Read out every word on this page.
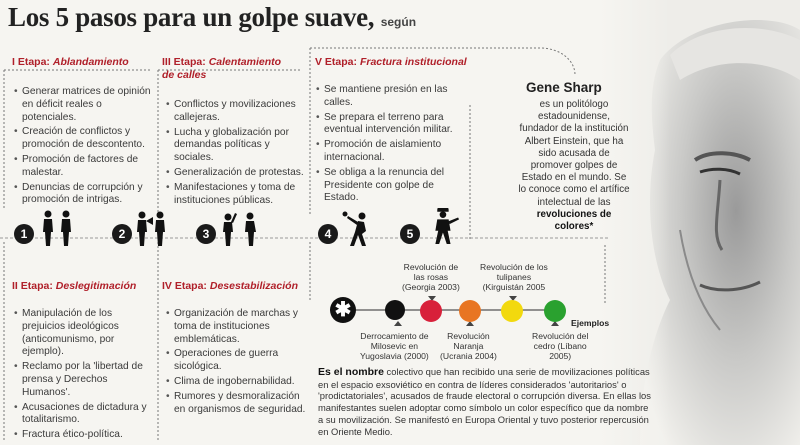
Los 5 pasos para un golpe suave, según
I Etapa: Ablandamiento
• Generar matrices de opinión en déficit reales o potenciales.
• Creación de conflictos y promoción de descontento.
• Promoción de factores de malestar.
• Denuncias de corrupción y promoción de intrigas.
III Etapa: Calentamiento
de calles
• Conflictos y movilizaciones callejeras.
• Lucha y globalización por demandas políticas y sociales.
• Generalización de protestas.
• Manifestaciones y toma de instituciones públicas.
V Etapa: Fractura institucional
• Se mantiene presión en las calles.
• Se prepara el terreno para eventual intervención militar.
• Promoción de aislamiento internacional.
• Se obliga a la renuncia del Presidente con golpe de Estado.
II Etapa: Deslegitimación
• Manipulación de los prejuicios ideológicos (anticomunismo, por ejemplo).
• Reclamo por la 'libertad de prensa y Derechos Humanos'.
• Acusaciones de dictadura y totalitarismo.
• Fractura ético-política.
IV Etapa: Desestabilización
• Organización de marchas y toma de instituciones emblemáticas.
• Operaciones de guerra sicológica.
• Clima de ingobernabilidad.
• Rumores y desmoralización en organismos de seguridad.
1	2	3	4	5
Gene Sharp
es un politólogo estadounidense, fundador de la institución Albert Einstein, que ha sido acusada de promover golpes de Estado en el mundo. Se lo conoce como el artífice intelectual de las revoluciones de colores*
Revolución de
las rosas
(Georgia 2003)
Revolución de los
tulipanes
(Kirguistán 2005
✱
Ejemplos
Derrocamiento de
Milosevic en
Yugoslavia (2000)
Revolución
Naranja
(Ucrania 2004)
Revolución del
cedro (Líbano
2005)
Es el nombre colectivo que han recibido una serie de movilizaciones políticas en el espacio exsoviético en contra de líderes considerados 'autoritarios' o 'prodictatoriales', acusados de fraude electoral o corrupción diversa. En ellas los manifestantes suelen adoptar como símbolo un color específico que da nombre a su movilización. Se manifestó en Europa Oriental y tuvo posterior repercusión en Oriente Medio.
